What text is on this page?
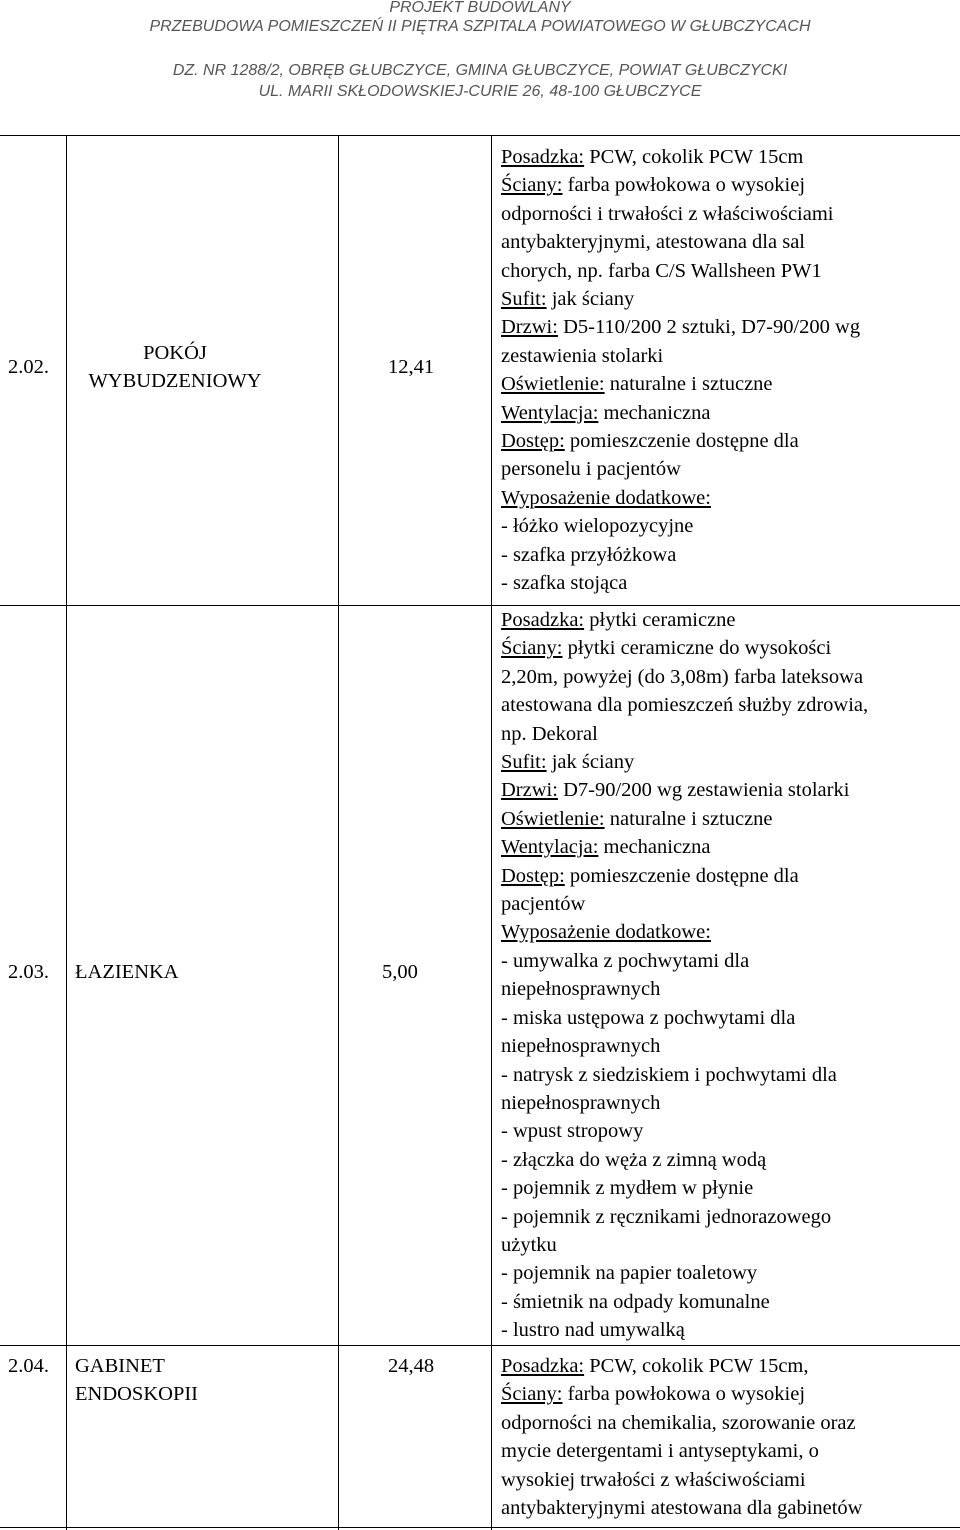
PROJEKT BUDOWLANY
PRZEBUDOWA POMIESZCZEŃ II PIĘTRA SZPITALA POWIATOWEGO W GŁUBCZYCACH
DZ. NR 1288/2, OBRĘB GŁUBCZYCE, GMINA GŁUBCZYCE, POWIAT GŁUBCZYCKI
UL. MARII SKŁODOWSKIEJ-CURIE 26, 48-100 GŁUBCZYCE
2.02.
POKÓJ
WYBUDZENIOWY
12,41
Posadzka: PCW, cokolik PCW 15cm
Ściany: farba powłokowa o wysokiej
odporności i trwałości z właściwościami
antybakteryjnymi, atestowana dla sal
chorych, np. farba C/S Wallsheen PW1
Sufit: jak ściany
Drzwi: D5-110/200 2 sztuki, D7-90/200 wg
zestawienia stolarki
Oświetlenie: naturalne i sztuczne
Wentylacja: mechaniczna
Dostęp: pomieszczenie dostępne dla
personelu i pacjentów
Wyposażenie dodatkowe:
- łóżko wielopozycyjne
- szafka przyłóżkowa
- szafka stojąca
2.03. ŁAZIENKA	5,00
Posadzka: płytki ceramiczne
Ściany: płytki ceramiczne do wysokości
2,20m, powyżej (do 3,08m) farba lateksowa
atestowana dla pomieszczeń służby zdrowia,
np. Dekoral
Sufit: jak ściany
Drzwi: D7-90/200 wg zestawienia stolarki
Oświetlenie: naturalne i sztuczne
Wentylacja: mechaniczna
Dostęp: pomieszczenie dostępne dla
pacjentów
Wyposażenie dodatkowe:
- umywalka z pochwytami dla
niepełnosprawnych
- miska ustępowa z pochwytami dla
niepełnosprawnych
- natrysk z siedziskiem i pochwytami dla
niepełnosprawnych
- wpust stropowy
- złączka do węża z zimną wodą
- pojemnik z mydłem w płynie
- pojemnik z ręcznikami jednorazowego
użytku
- pojemnik na papier toaletowy
- śmietnik na odpady komunalne
- lustro nad umywalką
2.04. GABINET
ENDOSKOPII
24,48	Posadzka: PCW, cokolik PCW 15cm,
Ściany: farba powłokowa o wysokiej
odporności na chemikalia, szorowanie oraz
mycie detergentami i antyseptykami, o
wysokiej trwałości z właściwościami
antybakteryjnymi atestowana dla gabinetów
